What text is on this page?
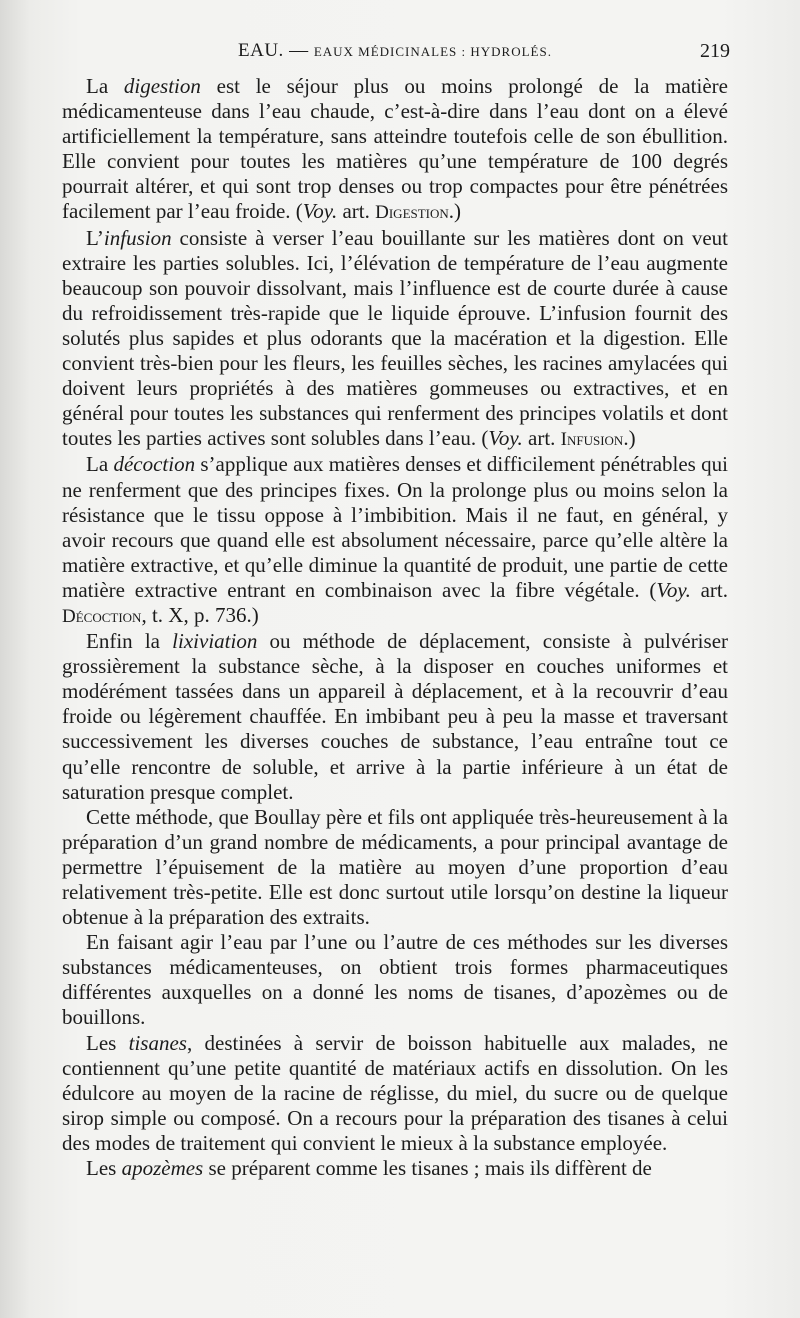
EAU. — EAUX MÉDICINALES : HYDROLÉS.	219

La digestion est le séjour plus ou moins prolongé de la matière médicamenteuse dans l’eau chaude, c’est-à-dire dans l’eau dont on a élevé artificiellement la température, sans atteindre toutefois celle de son ébullition. Elle convient pour toutes les matières qu’une température de 100 degrés pourrait altérer, et qui sont trop denses ou trop compactes pour être pénétrées facilement par l’eau froide. (Voy. art. Digestion.)

L’infusion consiste à verser l’eau bouillante sur les matières dont on veut extraire les parties solubles. Ici, l’élévation de température de l’eau augmente beaucoup son pouvoir dissolvant, mais l’influence est de courte durée à cause du refroidissement très-rapide que le liquide éprouve. L’infusion fournit des solutés plus sapides et plus odorants que la macération et la digestion. Elle convient très-bien pour les fleurs, les feuilles sèches, les racines amylacées qui doivent leurs propriétés à des matières gommeuses ou extractives, et en général pour toutes les substances qui renferment des principes volatils et dont toutes les parties actives sont solubles dans l’eau. (Voy. art. Infusion.)

La décoction s’applique aux matières denses et difficilement pénétrables qui ne renferment que des principes fixes. On la prolonge plus ou moins selon la résistance que le tissu oppose à l’imbibition. Mais il ne faut, en général, y avoir recours que quand elle est absolument nécessaire, parce qu’elle altère la matière extractive, et qu’elle diminue la quantité de produit, une partie de cette matière extractive entrant en combinaison avec la fibre végétale. (Voy. art. Décoction, t. X, p. 736.)

Enfin la lixiviation ou méthode de déplacement, consiste à pulvériser grossièrement la substance sèche, à la disposer en couches uniformes et modérément tassées dans un appareil à déplacement, et à la recouvrir d’eau froide ou légèrement chauffée. En imbibant peu à peu la masse et traversant successivement les diverses couches de substance, l’eau entraîne tout ce qu’elle rencontre de soluble, et arrive à la partie inférieure à un état de saturation presque complet.

Cette méthode, que Boullay père et fils ont appliquée très-heureusement à la préparation d’un grand nombre de médicaments, a pour principal avantage de permettre l’épuisement de la matière au moyen d’une proportion d’eau relativement très-petite. Elle est donc surtout utile lorsqu’on destine la liqueur obtenue à la préparation des extraits.

En faisant agir l’eau par l’une ou l’autre de ces méthodes sur les diverses substances médicamenteuses, on obtient trois formes pharmaceutiques différentes auxquelles on a donné les noms de tisanes, d’apozèmes ou de bouillons.

Les tisanes, destinées à servir de boisson habituelle aux malades, ne contiennent qu’une petite quantité de matériaux actifs en dissolution. On les édulcore au moyen de la racine de réglisse, du miel, du sucre ou de quelque sirop simple ou composé. On a recours pour la préparation des tisanes à celui des modes de traitement qui convient le mieux à la substance employée.

Les apozèmes se préparent comme les tisanes ; mais ils diffèrent de
